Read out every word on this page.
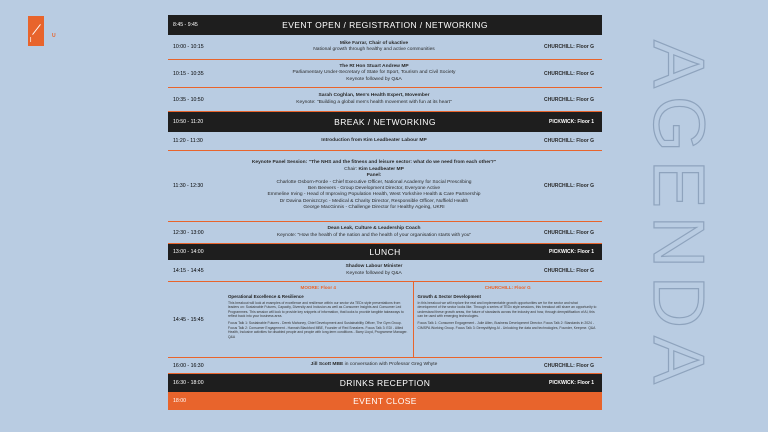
|
U
AGENDA
8:45 - 9:45	EVENT OPEN / REGISTRATION / NETWORKING
10:00 - 10:15
Mike Farrar, Chair of ukactive
National growth through healthy and active communities	CHURCHILL: Floor G
10:15 - 10:35
The Rt Hon Stuart Andrew MP
Parliamentary Under-Secretary of State for Sport, Tourism and Civil Society
Keynote followed by Q&A
CHURCHILL: Floor G
10:35 - 10:50
Sarah Coghlan, Men's Health Expert, Movember
Keynote: "Building a global men's health movement with fun at its heart"	CHURCHILL: Floor G
10:50 - 11:20	BREAK / NETWORKING	PICKWICK: Floor 1
11:20 - 11:30	Introduction from Kim Leadbeater Labour MP	CHURCHILL: Floor G
11:30 - 12:30
Keynote Panel Session: "The NHS and the fitness and leisure sector: what do we need from each other?"
Chair: Kim Leadbeater MP
Panel:
Charlotte Osborn-Forde - Chief Executive Officer, National Academy for Social Prescribing
Ben Beevers - Group Development Director, Everyone Active
Emmeline Irving - Head of Improving Population Health, West Yorkshire Health & Care Partnership
Dr Davina Deniszczyc - Medical & Charity Director, Responsible Officer, Nuffield Health
George MacGinnis - Challenge Director for Healthy Ageing, UKRI
CHURCHILL: Floor G
12:30 - 13:00
Dean Leak, Culture & Leadership Coach
Keynote: "How the health of the nation and the health of your organisation starts with you"	CHURCHILL: Floor G
13:00 - 14:00	LUNCH	PICKWICK: Floor 1
14:15 - 14:45
Shadow Labour Minister
Keynote followed by Q&A	CHURCHILL: Floor G
14:45 - 15:45
MOORE: Floor 4
Operational Excellence & Resilience
This breakout will look at examples of excellence and resilience within our sector via TEDx style presentations from leaders on: Sustainable Futures, Capacity, Diversity and Inclusion as well as Consumer Insights and Consumer Led Programmes. This session will look to provide key snippets of information, that looks to provide tangible takeaways to reflect back into your business area.
Focus Talk 1: Sustainable Futures - Derek Mahoney, Chief Development and Sustainability Officer, The Gym Group. Focus Talk 2: Consumer Engagement - Hannah Blackford MBE, Founder of Red Sneakers. Focus Talk 3: EDI - Allied Health, Inclusive activities for disabled people and people with long-term conditions - Barry Lloyd, Programme Manager. Q&A
CHURCHILL: Floor G
Growth & Sector Development
In this breakout we will explore the real and implementable growth opportunities we for the sector and what development of the sector looks like. Through a series of TEDx style sessions, this breakout will share an opportunity to understand these growth areas, the future of standards across the industry and how, through demystification of AI, this can be used with emerging technologies.
Focus Talk 1: Consumer Engagement - Julie Allen, Business Development Director. Focus Talk 2: Standards in 2024 - CIMSPA Working Group. Focus Talk 3: Demystifying AI - Unlocking the data and technologies, Founder, Keepme. Q&A
16:00 - 16:30	Jill Scott MBE in conversation with Professor Greg Whyte	CHURCHILL: Floor G
16:30 - 18:00	DRINKS RECEPTION	PICKWICK: Floor 1
18:00	EVENT CLOSE
